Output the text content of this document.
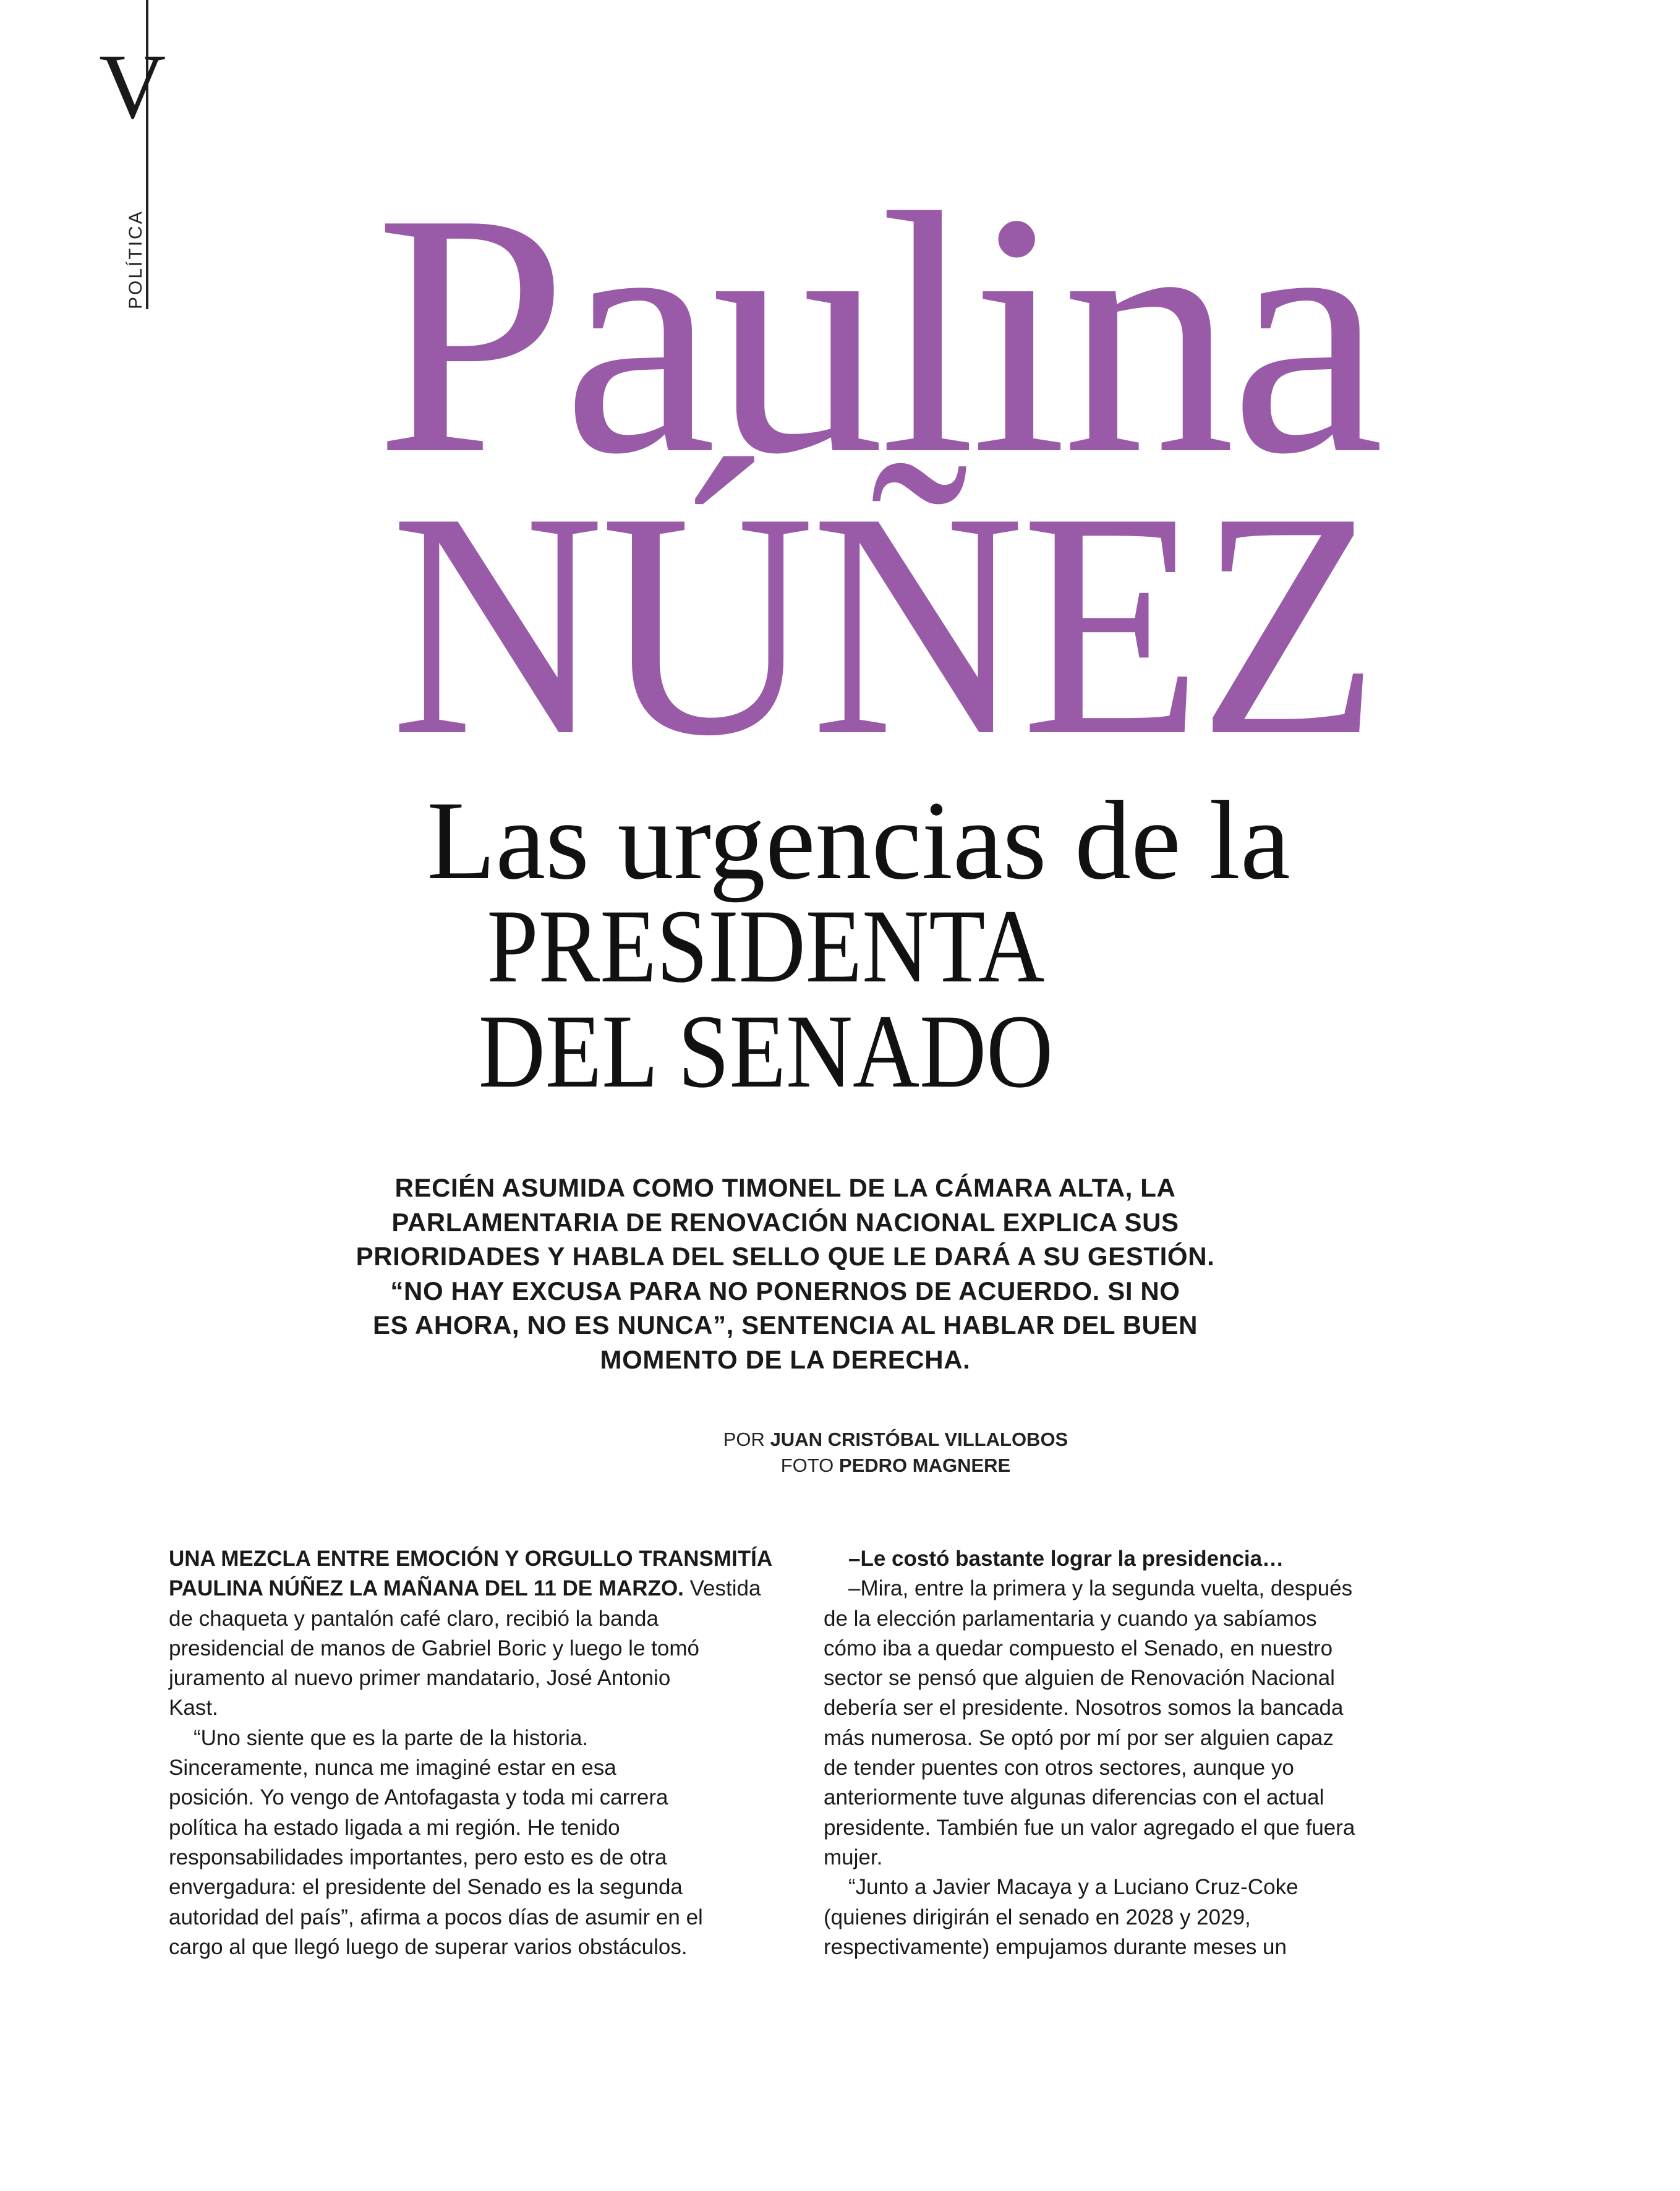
V
POLÍTICA Paulina
NÚÑEZ
Las urgencias de la
PRESIDENTA
DEL SENADO
RECIÉN ASUMIDA COMO TIMONEL DE LA CÁMARA ALTA, LA
PARLAMENTARIA DE RENOVACIÓN NACIONAL EXPLICA SUS
PRIORIDADES Y HABLA DEL SELLO QUE LE DARÁ A SU GESTIÓN.
“NO HAY EXCUSA PARA NO PONERNOS DE ACUERDO. SI NO
ES AHORA, NO ES NUNCA”, SENTENCIA AL HABLAR DEL BUEN
MOMENTO DE LA DERECHA.
POR JUAN CRISTÓBAL VILLALOBOS
FOTO PEDRO MAGNERE
UNA MEZCLA ENTRE EMOCIÓN Y ORGULLO TRANSMITÍA
PAULINA NÚÑEZ LA MAÑANA DEL 11 DE MARZO. Vestida
de chaqueta y pantalón café claro, recibió la banda
presidencial de manos de Gabriel Boric y luego le tomó
juramento al nuevo primer mandatario, José Antonio
Kast.
“Uno siente que es la parte de la historia.
Sinceramente, nunca me imaginé estar en esa
posición. Yo vengo de Antofagasta y toda mi carrera
política ha estado ligada a mi región. He tenido
responsabilidades importantes, pero esto es de otra
envergadura: el presidente del Senado es la segunda
autoridad del país”, afirma a pocos días de asumir en el
cargo al que llegó luego de superar varios obstáculos.
–Le costó bastante lograr la presidencia…
–Mira, entre la primera y la segunda vuelta, después
de la elección parlamentaria y cuando ya sabíamos
cómo iba a quedar compuesto el Senado, en nuestro
sector se pensó que alguien de Renovación Nacional
debería ser el presidente. Nosotros somos la bancada
más numerosa. Se optó por mí por ser alguien capaz
de tender puentes con otros sectores, aunque yo
anteriormente tuve algunas diferencias con el actual
presidente. También fue un valor agregado el que fuera
mujer.
“Junto a Javier Macaya y a Luciano Cruz-Coke
(quienes dirigirán el senado en 2028 y 2029,
respectivamente) empujamos durante meses un
